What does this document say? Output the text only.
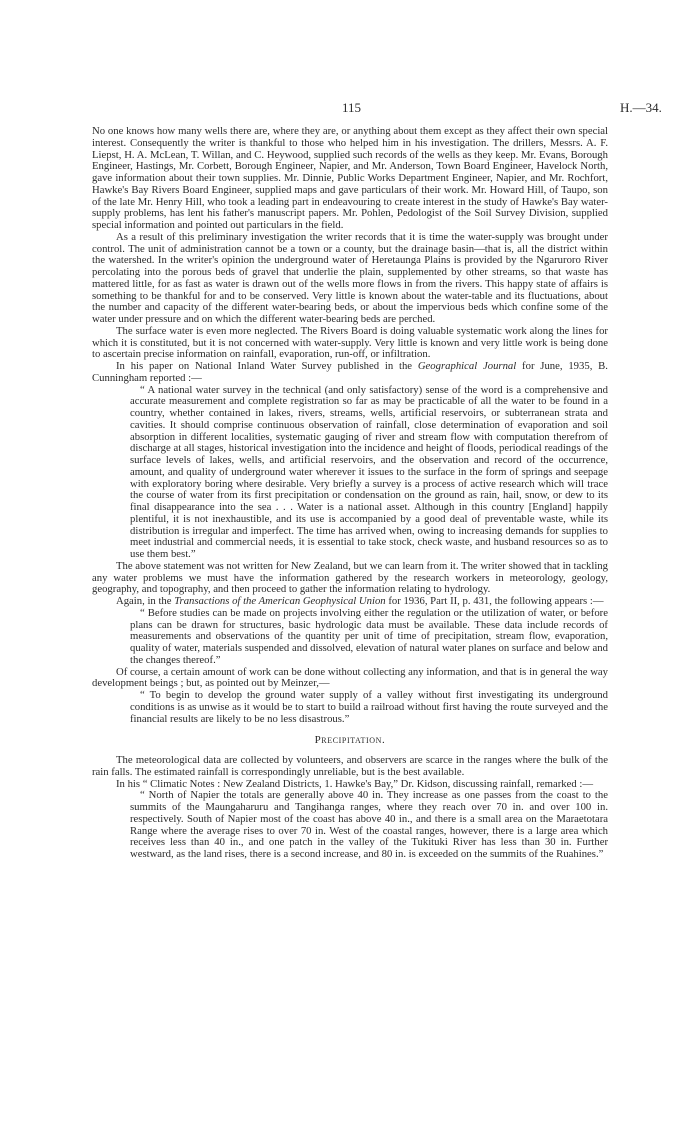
115	H.—34.

No one knows how many wells there are, where they are, or anything about them except as they affect their own special interest. Consequently the writer is thankful to those who helped him in his investigation. The drillers, Messrs. A. F. Liepst, H. A. McLean, T. Willan, and C. Heywood, supplied such records of the wells as they keep. Mr. Evans, Borough Engineer, Hastings, Mr. Corbett, Borough Engineer, Napier, and Mr. Anderson, Town Board Engineer, Havelock North, gave information about their town supplies. Mr. Dinnie, Public Works Department Engineer, Napier, and Mr. Rochfort, Hawke's Bay Rivers Board Engineer, supplied maps and gave particulars of their work. Mr. Howard Hill, of Taupo, son of the late Mr. Henry Hill, who took a leading part in endeavouring to create interest in the study of Hawke's Bay water-supply problems, has lent his father's manuscript papers. Mr. Pohlen, Pedologist of the Soil Survey Division, supplied special information and pointed out particulars in the field.

As a result of this preliminary investigation the writer records that it is time the water-supply was brought under control. The unit of administration cannot be a town or a county, but the drainage basin—that is, all the district within the watershed. In the writer's opinion the underground water of Heretaunga Plains is provided by the Ngaruroro River percolating into the porous beds of gravel that underlie the plain, supplemented by other streams, so that waste has mattered little, for as fast as water is drawn out of the wells more flows in from the rivers. This happy state of affairs is something to be thankful for and to be conserved. Very little is known about the water-table and its fluctuations, about the number and capacity of the different water-bearing beds, or about the impervious beds which confine some of the water under pressure and on which the different water-bearing beds are perched.

The surface water is even more neglected. The Rivers Board is doing valuable systematic work along the lines for which it is constituted, but it is not concerned with water-supply. Very little is known and very little work is being done to ascertain precise information on rainfall, evaporation, run-off, or infiltration.

In his paper on National Inland Water Survey published in the Geographical Journal for June, 1935, B. Cunningham reported :—

“ A national water survey in the technical (and only satisfactory) sense of the word is a comprehensive and accurate measurement and complete registration so far as may be practicable of all the water to be found in a country, whether contained in lakes, rivers, streams, wells, artificial reservoirs, or subterranean strata and cavities. It should comprise continuous observation of rainfall, close determination of evaporation and soil absorption in different localities, systematic gauging of river and stream flow with computation therefrom of discharge at all stages, historical investigation into the incidence and height of floods, periodical readings of the surface levels of lakes, wells, and artificial reservoirs, and the observation and record of the occurrence, amount, and quality of underground water wherever it issues to the surface in the form of springs and seepage with exploratory boring where desirable. Very briefly a survey is a process of active research which will trace the course of water from its first precipitation or condensation on the ground as rain, hail, snow, or dew to its final disappearance into the sea . . . Water is a national asset. Although in this country [England] happily plentiful, it is not inexhaustible, and its use is accompanied by a good deal of preventable waste, while its distribution is irregular and imperfect. The time has arrived when, owing to increasing demands for supplies to meet industrial and commercial needs, it is essential to take stock, check waste, and husband resources so as to use them best.”

The above statement was not written for New Zealand, but we can learn from it. The writer showed that in tackling any water problems we must have the information gathered by the research workers in meteorology, geology, geography, and topography, and then proceed to gather the information relating to hydrology.

Again, in the Transactions of the American Geophysical Union for 1936, Part II, p. 431, the following appears :—

“ Before studies can be made on projects involving either the regulation or the utilization of water, or before plans can be drawn for structures, basic hydrologic data must be available. These data include records of measurements and observations of the quantity per unit of time of precipitation, stream flow, evaporation, quality of water, materials suspended and dissolved, elevation of natural water planes on surface and below and the changes thereof.”

Of course, a certain amount of work can be done without collecting any information, and that is in general the way development beings ; but, as pointed out by Meinzer,—

“ To begin to develop the ground water supply of a valley without first investigating its underground conditions is as unwise as it would be to start to build a railroad without first having the route surveyed and the financial results are likely to be no less disastrous.”

Precipitation.

The meteorological data are collected by volunteers, and observers are scarce in the ranges where the bulk of the rain falls. The estimated rainfall is correspondingly unreliable, but is the best available.

In his “ Climatic Notes : New Zealand Districts, 1. Hawke's Bay,” Dr. Kidson, discussing rainfall, remarked :—

“ North of Napier the totals are generally above 40 in. They increase as one passes from the coast to the summits of the Maungaharuru and Tangihanga ranges, where they reach over 70 in. and over 100 in. respectively. South of Napier most of the coast has above 40 in., and there is a small area on the Maraetotara Range where the average rises to over 70 in. West of the coastal ranges, however, there is a large area which receives less than 40 in., and one patch in the valley of the Tukituki River has less than 30 in. Further westward, as the land rises, there is a second increase, and 80 in. is exceeded on the summits of the Ruahines.”
